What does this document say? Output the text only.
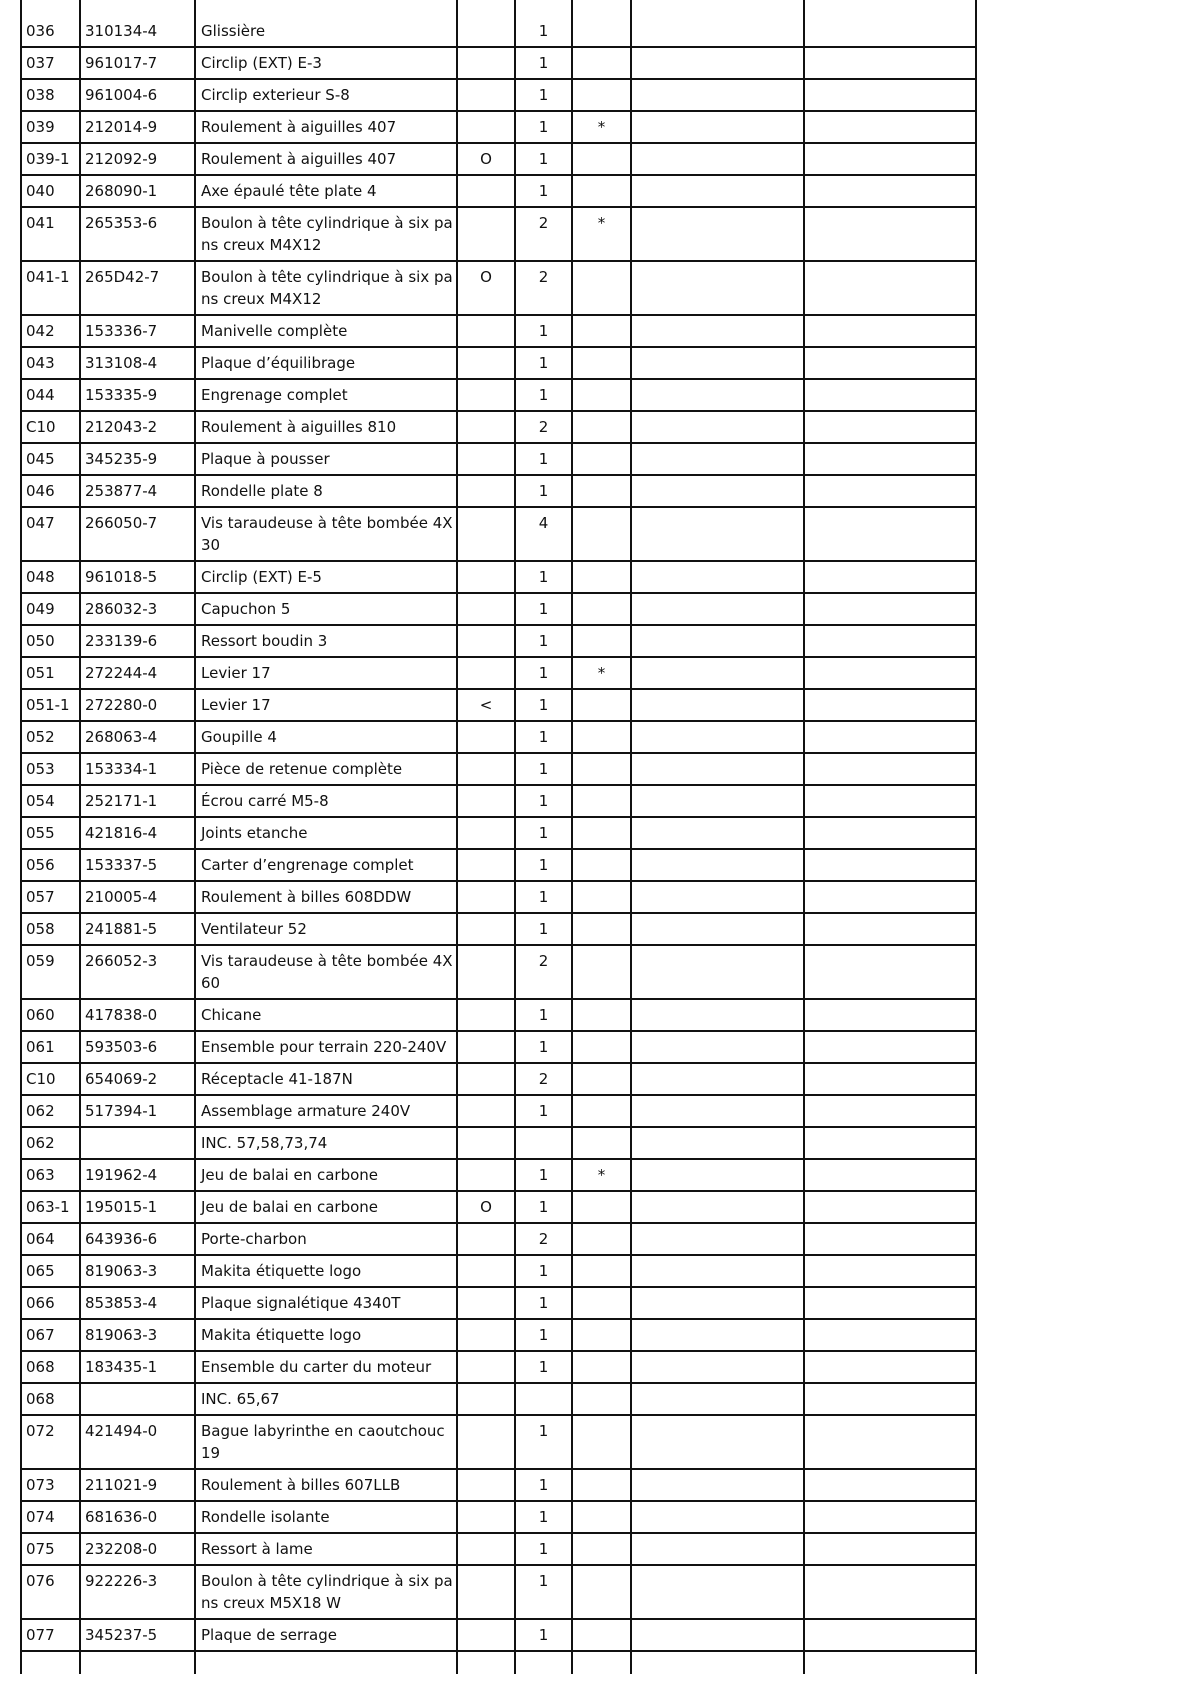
036	310134-4	Glissière		1			
037	961017-7	Circlip (EXT) E-3		1			
038	961004-6	Circlip exterieur S-8		1			
039	212014-9	Roulement à aiguilles 407		1	*		
039-1	212092-9	Roulement à aiguilles 407	O	1			
040	268090-1	Axe épaulé tête plate 4		1			
041	265353-6	Boulon à tête cylindrique à six pans creux M4X12		2	*		
041-1	265D42-7	Boulon à tête cylindrique à six pans creux M4X12	O	2			
042	153336-7	Manivelle complète		1			
043	313108-4	Plaque d’équilibrage		1			
044	153335-9	Engrenage complet		1			
C10	212043-2	Roulement à aiguilles 810		2			
045	345235-9	Plaque à pousser		1			
046	253877-4	Rondelle plate 8		1			
047	266050-7	Vis taraudeuse à tête bombée 4X30		4			
048	961018-5	Circlip (EXT) E-5		1			
049	286032-3	Capuchon 5		1			
050	233139-6	Ressort boudin 3		1			
051	272244-4	Levier 17		1	*		
051-1	272280-0	Levier 17	<	1			
052	268063-4	Goupille 4		1			
053	153334-1	Pièce de retenue complète		1			
054	252171-1	Écrou carré M5-8		1			
055	421816-4	Joints etanche		1			
056	153337-5	Carter d’engrenage complet		1			
057	210005-4	Roulement à billes 608DDW		1			
058	241881-5	Ventilateur 52		1			
059	266052-3	Vis taraudeuse à tête bombée 4X60		2			
060	417838-0	Chicane		1			
061	593503-6	Ensemble pour terrain 220-240V		1			
C10	654069-2	Réceptacle 41-187N		2			
062	517394-1	Assemblage armature 240V		1			
062		INC. 57,58,73,74					
063	191962-4	Jeu de balai en carbone		1	*		
063-1	195015-1	Jeu de balai en carbone	O	1			
064	643936-6	Porte-charbon		2			
065	819063-3	Makita étiquette logo		1			
066	853853-4	Plaque signalétique 4340T		1			
067	819063-3	Makita étiquette logo		1			
068	183435-1	Ensemble du carter du moteur		1			
068		INC. 65,67					
072	421494-0	Bague labyrinthe en caoutchouc 19		1			
073	211021-9	Roulement à billes 607LLB		1			
074	681636-0	Rondelle isolante		1			
075	232208-0	Ressort à lame		1			
076	922226-3	Boulon à tête cylindrique à six pans creux M5X18 W		1			
077	345237-5	Plaque de serrage		1			
